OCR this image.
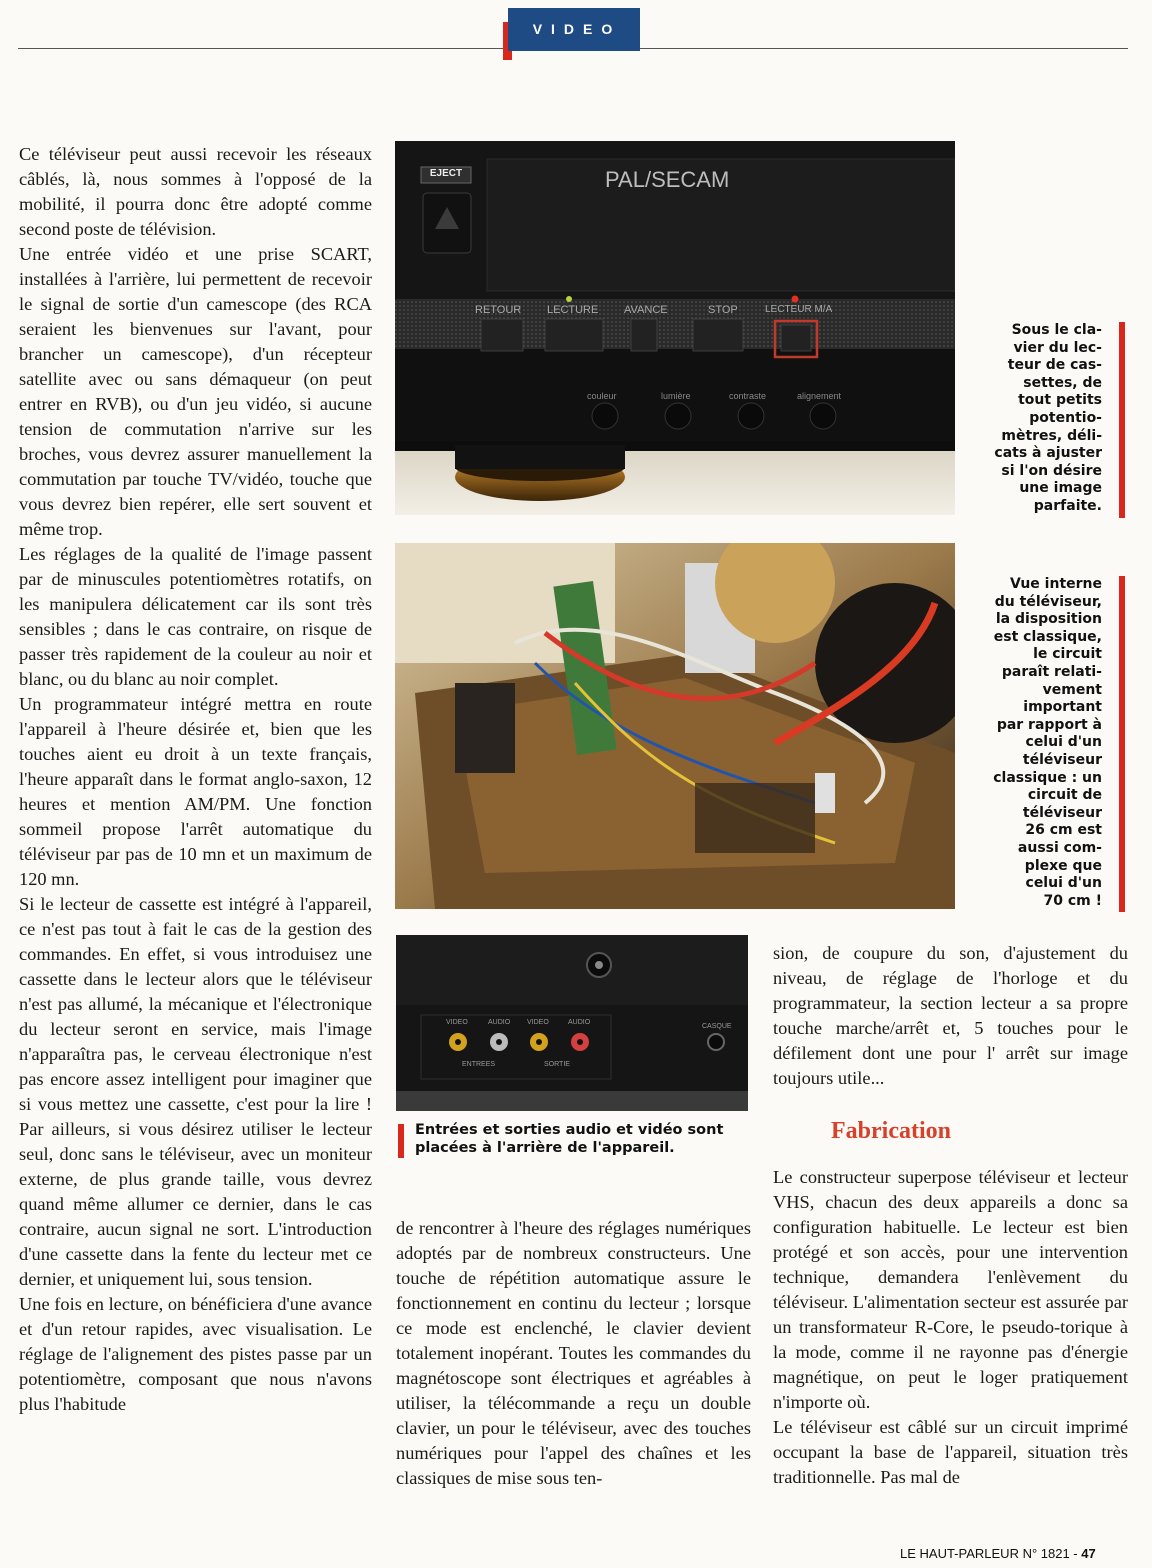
VIDEO

Ce téléviseur peut aussi recevoir les réseaux câblés, là, nous sommes à l'opposé de la mobilité, il pourra donc être adopté comme second poste de télévision.

Une entrée vidéo et une prise SCART, installées à l'arrière, lui permettent de recevoir le signal de sortie d'un camescope (des RCA seraient les bienvenues sur l'avant, pour brancher un camescope), d'un récepteur satellite avec ou sans démaqueur (on peut entrer en RVB), ou d'un jeu vidéo, si aucune tension de commutation n'arrive sur les broches, vous devrez assurer manuellement la commutation par touche TV/vidéo, touche que vous devrez bien repérer, elle sert souvent et même trop.

Les réglages de la qualité de l'image passent par de minuscules potentiomètres rotatifs, on les manipulera délicatement car ils sont très sensibles ; dans le cas contraire, on risque de passer très rapidement de la couleur au noir et blanc, ou du blanc au noir complet.

Un programmateur intégré mettra en route l'appareil à l'heure désirée et, bien que les touches aient eu droit à un texte français, l'heure apparaît dans le format anglo-saxon, 12 heures et mention AM/PM. Une fonction sommeil propose l'arrêt automatique du téléviseur par pas de 10 mn et un maximum de 120 mn.

Si le lecteur de cassette est intégré à l'appareil, ce n'est pas tout à fait le cas de la gestion des commandes. En effet, si vous introduisez une cassette dans le lecteur alors que le téléviseur n'est pas allumé, la mécanique et l'électronique du lecteur seront en service, mais l'image n'apparaîtra pas, le cerveau électronique n'est pas encore assez intelligent pour imaginer que si vous mettez une cassette, c'est pour la lire ! Par ailleurs, si vous désirez utiliser le lecteur seul, donc sans le téléviseur, avec un moniteur externe, de plus grande taille, vous devrez quand même allumer ce dernier, dans le cas contraire, aucun signal ne sort. L'introduction d'une cassette dans la fente du lecteur met ce dernier, et uniquement lui, sous tension.

Une fois en lecture, on bénéficiera d'une avance et d'un retour rapides, avec visualisation. Le réglage de l'alignement des pistes passe par un potentiomètre, composant que nous n'avons plus l'habitude

EJECT	PAL/SECAM
RETOUR LECTURE AVANCE	STOP	LECTEUR M/A
couleur	lumière	contraste	alignement
Sous le cla-
vier du lec-
teur de cas-
settes, de
tout petits
potentio-
mètres, déli-
cats à ajuster
si l'on désire
une image
parfaite.
Vue interne
du téléviseur,
la disposition
est classique,
le circuit
paraît relati-
vement
important
par rapport à
celui d'un
téléviseur
classique : un
circuit de
téléviseur
26 cm est
aussi com-
plexe que
celui d'un
70 cm !
VIDEO	AUDIO VIDEO	AUDIO
CASQUE
ENTREES	SORTIE
Entrées et sorties audio et vidéo sont
placées à l'arrière de l'appareil.

de rencontrer à l'heure des réglages numériques adoptés par de nombreux constructeurs. Une touche de répétition automatique assure le fonctionnement en continu du lecteur ; lorsque ce mode est enclenché, le clavier devient totalement inopérant. Toutes les commandes du magnétoscope sont électriques et agréables à utiliser, la télécommande a reçu un double clavier, un pour le téléviseur, avec des touches numériques pour l'appel des chaînes et les classiques de mise sous ten-

sion, de coupure du son, d'ajustement du niveau, de réglage de l'horloge et du programmateur, la section lecteur a sa propre touche marche/arrêt et, 5 touches pour le défilement dont une pour l' arrêt sur image toujours utile...

Fabrication

Le constructeur superpose téléviseur et lecteur VHS, chacun des deux appareils a donc sa configuration habituelle. Le lecteur est bien protégé et son accès, pour une intervention technique, demandera l'enlèvement du téléviseur. L'alimentation secteur est assurée par un transformateur R-Core, le pseudo-torique à la mode, comme il ne rayonne pas d'énergie magnétique, on peut le loger pratiquement n'importe où.

Le téléviseur est câblé sur un circuit imprimé occupant la base de l'appareil, situation très traditionnelle. Pas mal de

LE HAUT-PARLEUR N° 1821 - 47
